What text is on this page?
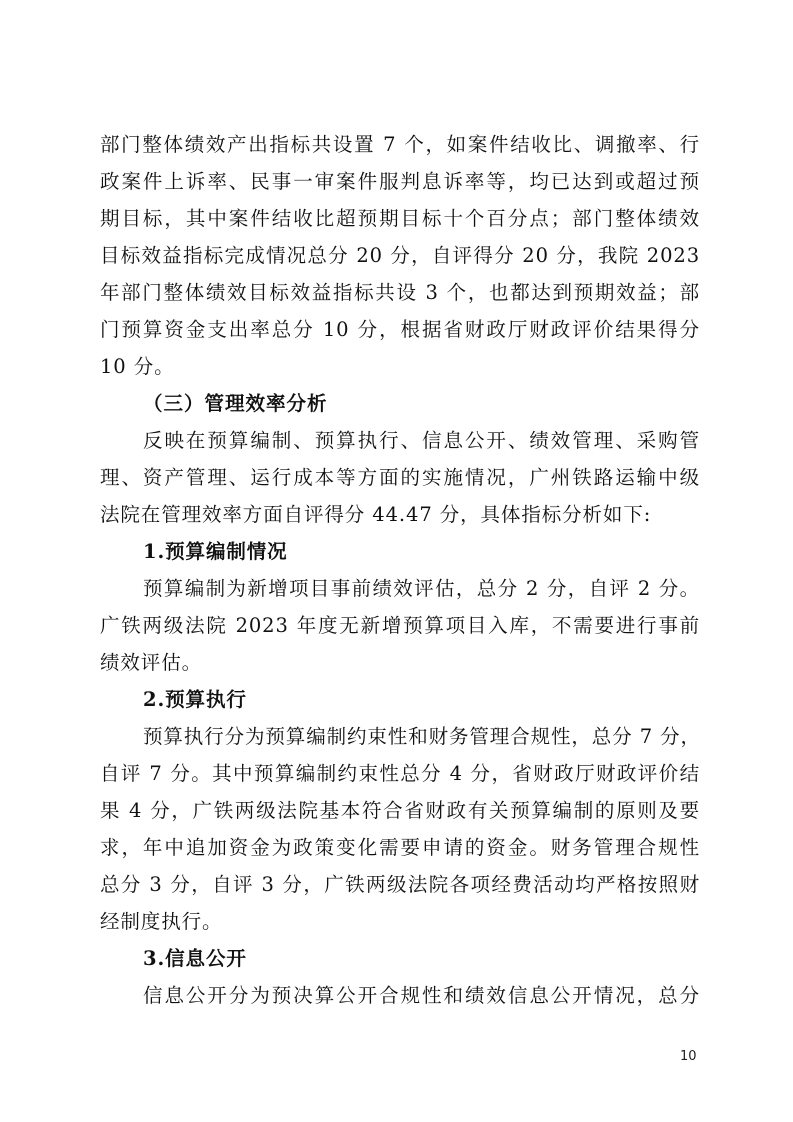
部门整体绩效产出指标共设置 7 个，如案件结收比、调撤率、行
政案件上诉率、民事一审案件服判息诉率等，均已达到或超过预
期目标，其中案件结收比超预期目标十个百分点；部门整体绩效
目标效益指标完成情况总分 20 分，自评得分 20 分，我院 2023
年部门整体绩效目标效益指标共设 3 个，也都达到预期效益；部
门预算资金支出率总分 10 分，根据省财政厅财政评价结果得分
10 分。
（三）管理效率分析
反映在预算编制、预算执行、信息公开、绩效管理、采购管
理、资产管理、运行成本等方面的实施情况，广州铁路运输中级
法院在管理效率方面自评得分 44.47 分，具体指标分析如下:
1.预算编制情况
预算编制为新增项目事前绩效评估，总分 2 分，自评 2 分。
广铁两级法院 2023 年度无新增预算项目入库，不需要进行事前
绩效评估。
2.预算执行
预算执行分为预算编制约束性和财务管理合规性，总分 7 分，
自评 7 分。其中预算编制约束性总分 4 分，省财政厅财政评价结
果 4 分，广铁两级法院基本符合省财政有关预算编制的原则及要
求，年中追加资金为政策变化需要申请的资金。财务管理合规性
总分 3 分，自评 3 分，广铁两级法院各项经费活动均严格按照财
经制度执行。
3.信息公开
信息公开分为预决算公开合规性和绩效信息公开情况，总分
10
